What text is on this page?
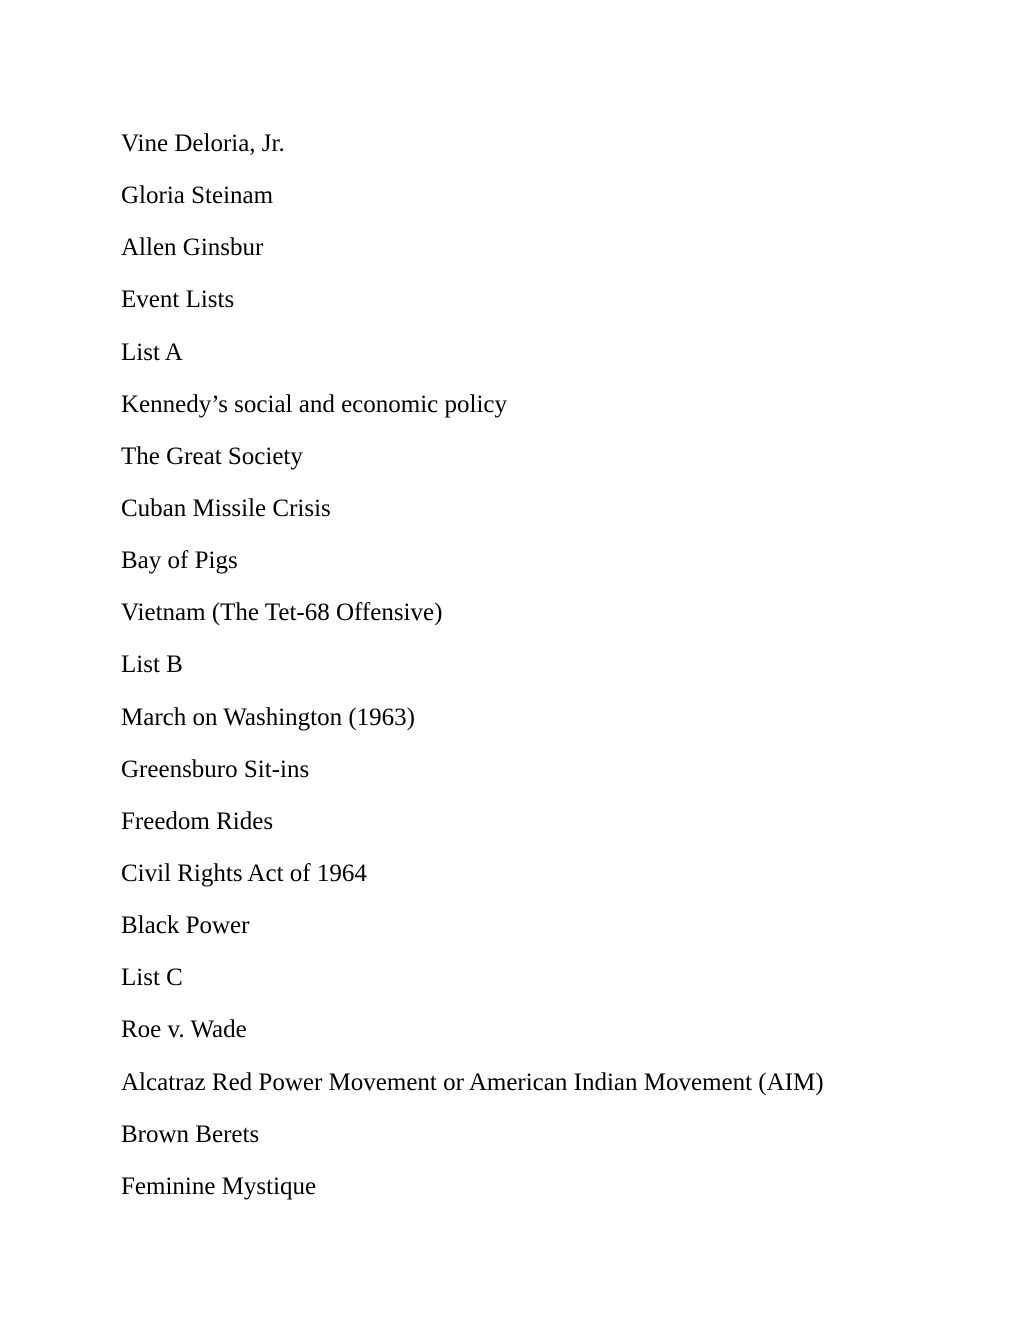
Vine Deloria, Jr.
Gloria Steinam
Allen Ginsbur
Event Lists
List A
Kennedy’s social and economic policy
The Great Society
Cuban Missile Crisis
Bay of Pigs
Vietnam (The Tet-68 Offensive)
List B
March on Washington (1963)
Greensburo Sit-ins
Freedom Rides
Civil Rights Act of 1964
Black Power
List C
Roe v. Wade
Alcatraz Red Power Movement or American Indian Movement (AIM)
Brown Berets
Feminine Mystique
